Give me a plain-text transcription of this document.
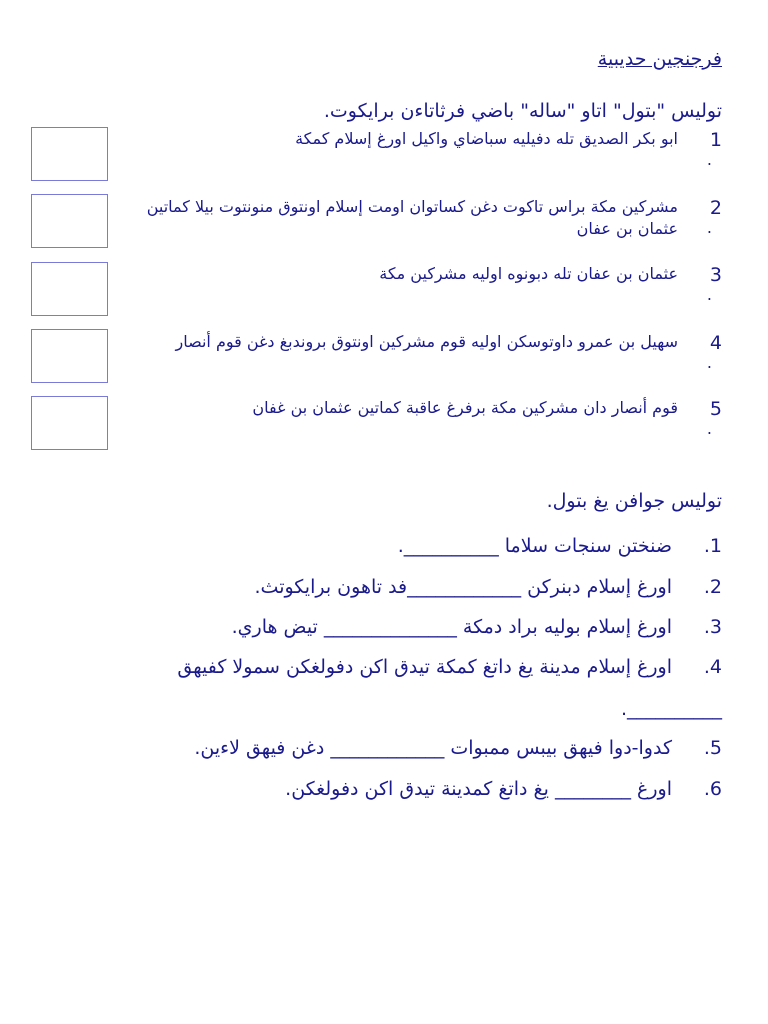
فرجنجين حديبية
توليس "بتول" اتاو "ساله" باضي فرثاتاءن برايكوت.
1
.
ابو بكر الصديق تله دفيليه سباضاي واكيل اورغ إسلام كمكة
2
.
مشركين مكة براس تاكوت دغن كساتوان اومت إسلام اونتوق منونتوت بيلا كماتين عثمان بن عفان
3
.
عثمان بن عفان تله دبونوه اوليه مشركين مكة
4
.
سهيل بن عمرو داوتوسكن اوليه قوم مشركين اونتوق بروندبغ دغن قوم أنصار
5
.
قوم أنصار دان مشركين مكة برفرغ عاقبة كماتين عثمان بن غفان
توليس جوافن يغ بتول.
1.
ضنختن سنجات سلاما __________.
2.
اورغ إسلام دبنركن ____________فد تاهون برايكوتث.
3.
اورغ إسلام بوليه براد دمكة ______________ تيض هاري.
4.
اورغ إسلام مدينة يغ داتغ كمكة تيدق اكن دفولغكن سمولا كفيهق
__________.
5.
كدوا-دوا فيهق بيبس ممبوات ____________ دغن فيهق لاءين.
6.
اورغ ________ يغ داتغ كمدينة تيدق اكن دفولغكن.
